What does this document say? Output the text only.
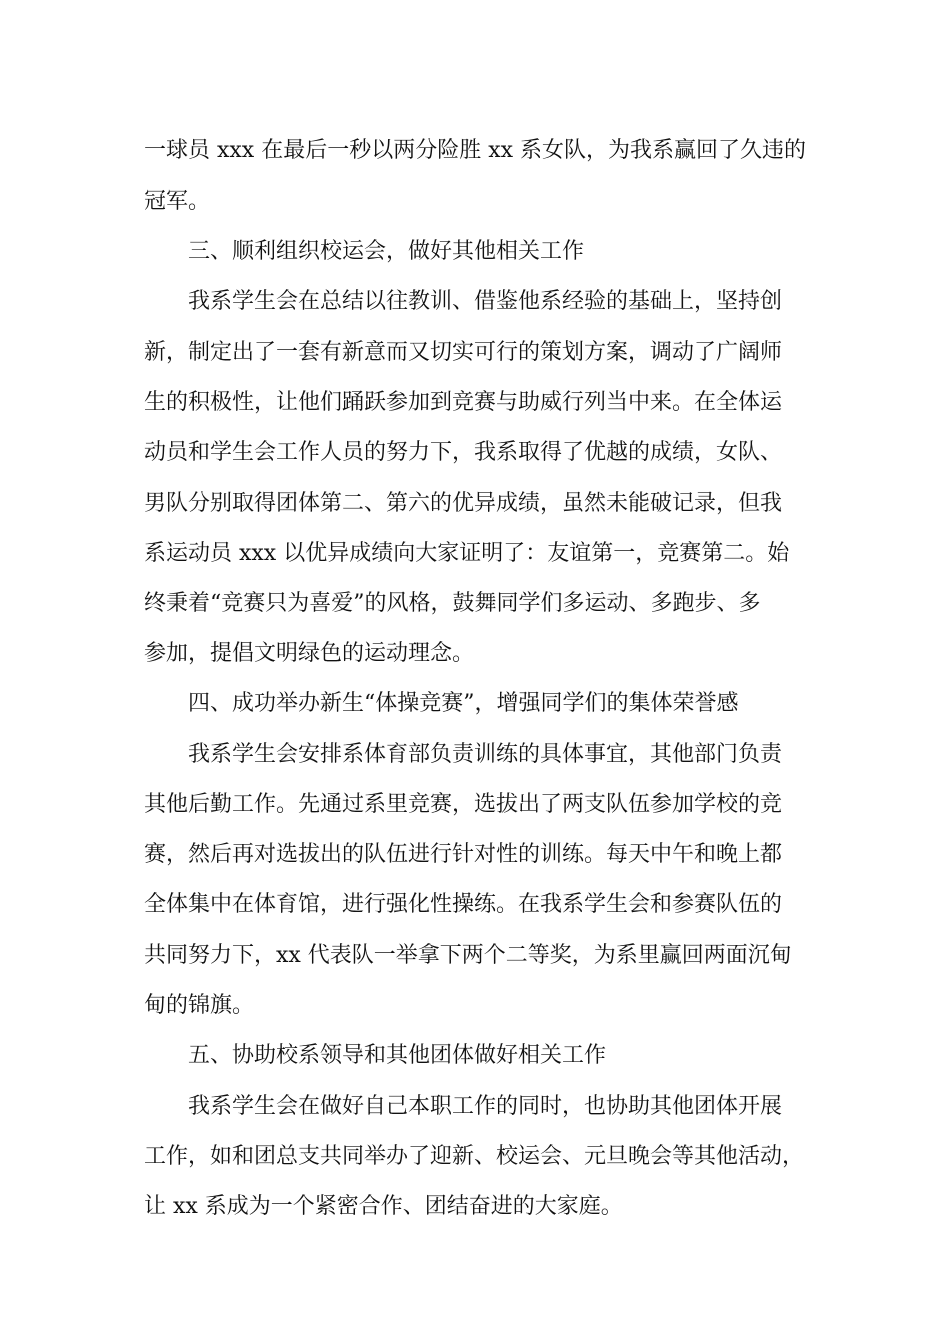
一球员 xxx 在最后一秒以两分险胜 xx 系女队，为我系赢回了久违的
冠军。
三、顺利组织校运会，做好其他相关工作
我系学生会在总结以往教训、借鉴他系经验的基础上，坚持创
新，制定出了一套有新意而又切实可行的策划方案，调动了广阔师
生的积极性，让他们踊跃参加到竞赛与助威行列当中来。在全体运
动员和学生会工作人员的努力下，我系取得了优越的成绩，女队、
男队分别取得团体第二、第六的优异成绩，虽然未能破记录，但我
系运动员 xxx 以优异成绩向大家证明了：友谊第一，竞赛第二。始
终秉着“竞赛只为喜爱”的风格，鼓舞同学们多运动、多跑步、多
参加，提倡文明绿色的运动理念。
四、成功举办新生“体操竞赛”，增强同学们的集体荣誉感
我系学生会安排系体育部负责训练的具体事宜，其他部门负责
其他后勤工作。先通过系里竞赛，选拔出了两支队伍参加学校的竞
赛，然后再对选拔出的队伍进行针对性的训练。每天中午和晚上都
全体集中在体育馆，进行强化性操练。在我系学生会和参赛队伍的
共同努力下，xx 代表队一举拿下两个二等奖，为系里赢回两面沉甸
甸的锦旗。
五、协助校系领导和其他团体做好相关工作
我系学生会在做好自己本职工作的同时，也协助其他团体开展
工作，如和团总支共同举办了迎新、校运会、元旦晚会等其他活动，
让 xx 系成为一个紧密合作、团结奋进的大家庭。
